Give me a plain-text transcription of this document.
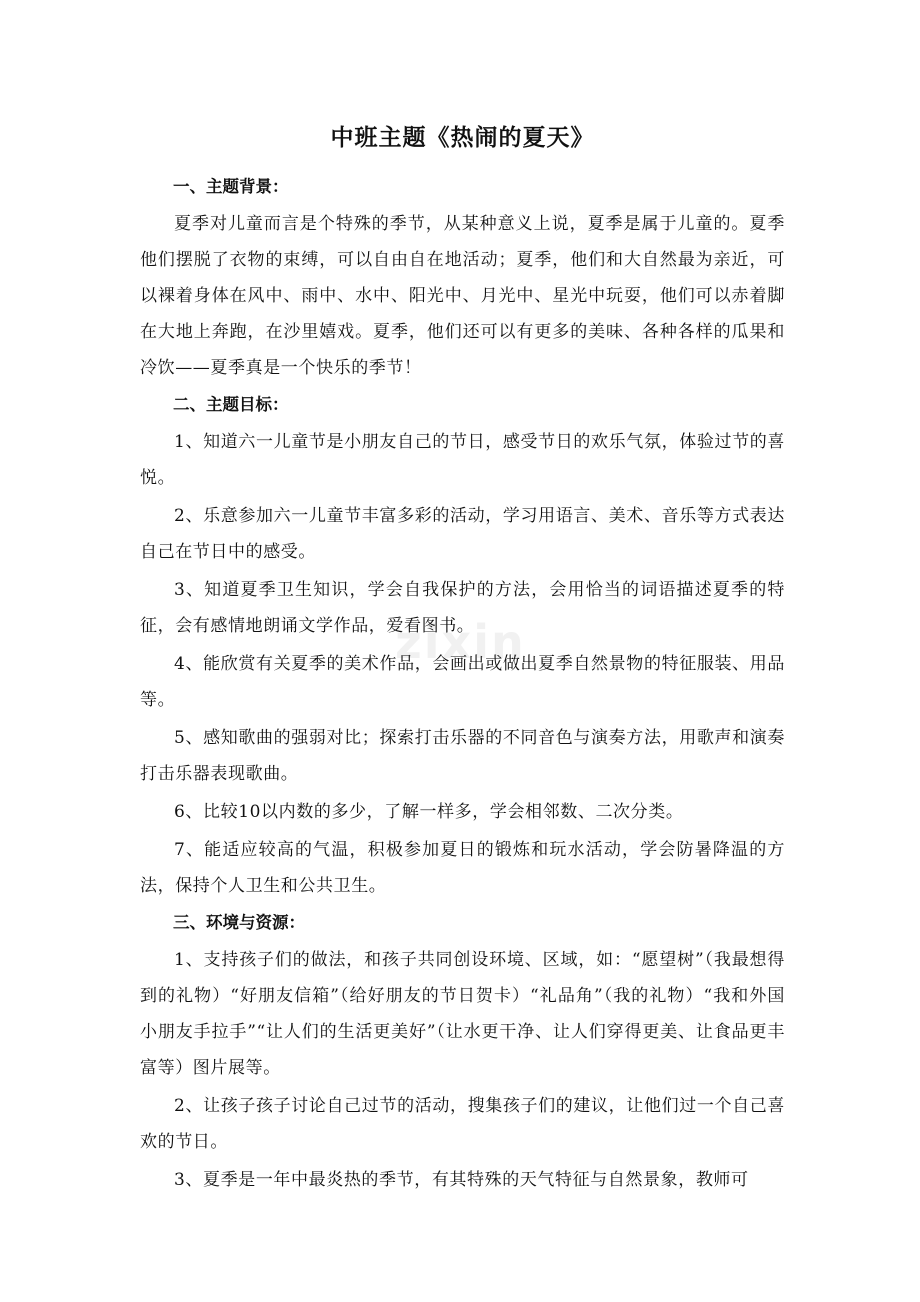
zixin
中班主题《热闹的夏天》

一、主题背景：

夏季对儿童而言是个特殊的季节，从某种意义上说，夏季是属于儿童的。夏季他们摆脱了衣物的束缚，可以自由自在地活动；夏季，他们和大自然最为亲近，可以裸着身体在风中、雨中、水中、阳光中、月光中、星光中玩耍，他们可以赤着脚在大地上奔跑，在沙里嬉戏。夏季，他们还可以有更多的美味、各种各样的瓜果和冷饮——夏季真是一个快乐的季节！

二、主题目标：

1、知道六一儿童节是小朋友自己的节日，感受节日的欢乐气氛，体验过节的喜悦。

2、乐意参加六一儿童节丰富多彩的活动，学习用语言、美术、音乐等方式表达自己在节日中的感受。

3、知道夏季卫生知识，学会自我保护的方法，会用恰当的词语描述夏季的特征，会有感情地朗诵文学作品，爱看图书。

4、能欣赏有关夏季的美术作品，会画出或做出夏季自然景物的特征服装、用品等。

5、感知歌曲的强弱对比；探索打击乐器的不同音色与演奏方法，用歌声和演奏打击乐器表现歌曲。

6、比较10以内数的多少，了解一样多，学会相邻数、二次分类。

7、能适应较高的气温，积极参加夏日的锻炼和玩水活动，学会防暑降温的方法，保持个人卫生和公共卫生。

三、环境与资源：

1、支持孩子们的做法，和孩子共同创设环境、区域，如：“愿望树”（我最想得到的礼物）“好朋友信箱”（给好朋友的节日贺卡）“礼品角”（我的礼物）“我和外国小朋友手拉手”“让人们的生活更美好”（让水更干净、让人们穿得更美、让食品更丰富等）图片展等。

2、让孩子孩子讨论自己过节的活动，搜集孩子们的建议，让他们过一个自己喜欢的节日。

3、夏季是一年中最炎热的季节，有其特殊的天气特征与自然景象，教师可
